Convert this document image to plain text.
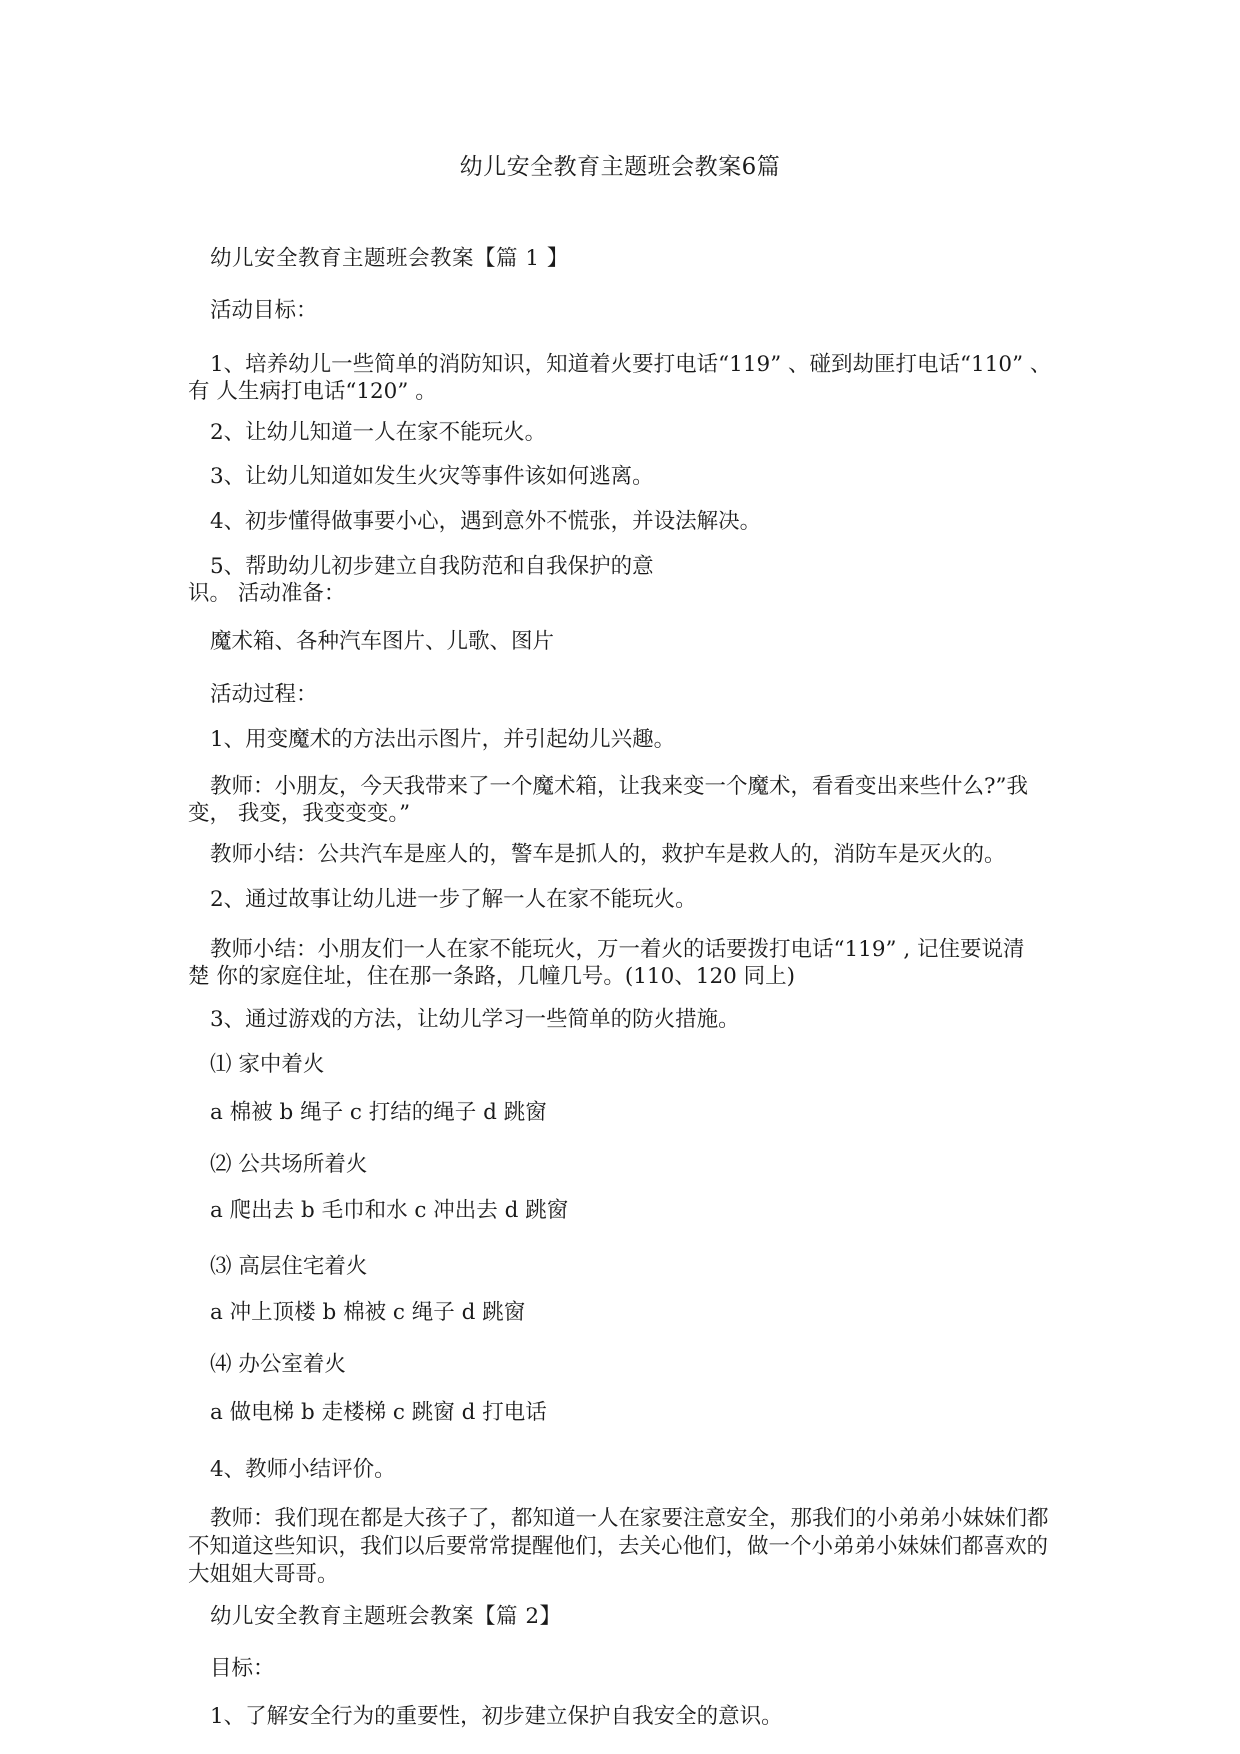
幼儿安全教育主题班会教案6篇

幼儿安全教育主题班会教案【篇 1 】

活动目标：

1、培养幼儿一些简单的消防知识，知道着火要打电话“119” 、碰到劫匪打电话“110” 、

有 人生病打电话“120” 。

2、让幼儿知道一人在家不能玩火。

3、让幼儿知道如发生火灾等事件该如何逃离。

4、初步懂得做事要小心，遇到意外不慌张，并设法解决。

5、帮助幼儿初步建立自我防范和自我保护的意

识。 活动准备：

魔术箱、各种汽车图片、儿歌、图片

活动过程：

1、用变魔术的方法出示图片，并引起幼儿兴趣。

教师：小朋友，今天我带来了一个魔术箱，让我来变一个魔术，看看变出来些什么?”我

变， 我变，我变变变。”

教师小结：公共汽车是座人的，警车是抓人的，救护车是救人的，消防车是灭火的。

2、通过故事让幼儿进一步了解一人在家不能玩火。

教师小结：小朋友们一人在家不能玩火，万一着火的话要拨打电话“119” , 记住要说清

楚 你的家庭住址，住在那一条路，几幢几号。(110、120 同上)

3、通过游戏的方法，让幼儿学习一些简单的防火措施。

⑴ 家中着火

a 棉被 b 绳子 c 打结的绳子 d 跳窗

⑵ 公共场所着火

a 爬出去 b 毛巾和水 c 冲出去 d 跳窗

⑶ 高层住宅着火

a 冲上顶楼 b 棉被 c 绳子 d 跳窗

⑷ 办公室着火

a 做电梯 b 走楼梯 c 跳窗 d 打电话

4、教师小结评价。

教师：我们现在都是大孩子了，都知道一人在家要注意安全，那我们的小弟弟小妹妹们都

不知道这些知识，我们以后要常常提醒他们，去关心他们，做一个小弟弟小妹妹们都喜欢的

大姐姐大哥哥。

幼儿安全教育主题班会教案【篇 2】

目标：

1、了解安全行为的重要性，初步建立保护自我安全的意识。
